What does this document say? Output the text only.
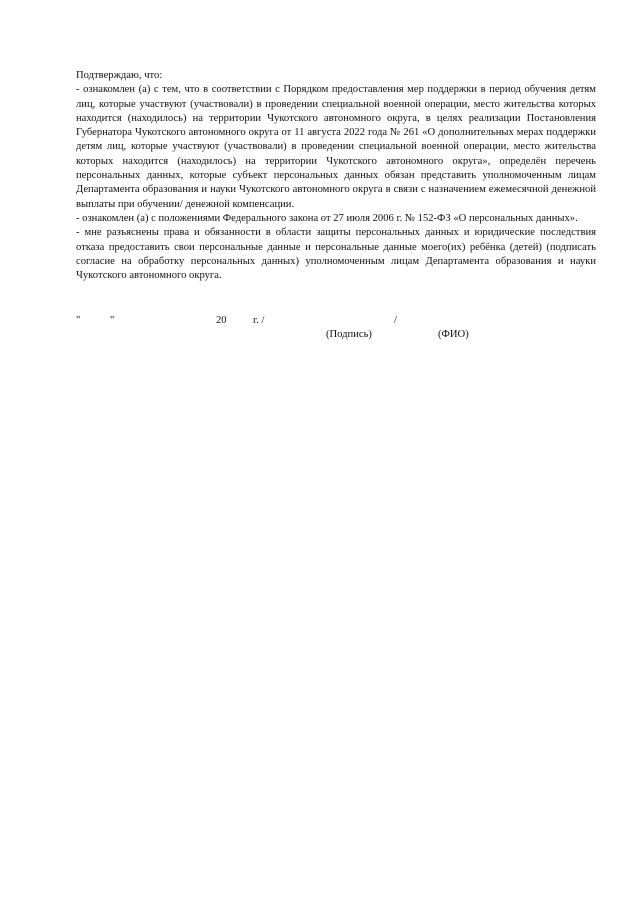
Подтверждаю, что:

- ознакомлен (а) с тем, что в соответствии с Порядком предоставления мер поддержки в период обучения детям лиц, которые участвуют (участвовали) в проведении специальной военной операции, место жительства которых находится (находилось) на территории Чукотского автономного округа, в целях реализации Постановления Губернатора Чукотского автономного округа от 11 августа 2022 года № 261 «О дополнительных мерах поддержки детям лиц, которые участвуют (участвовали) в проведении специальной военной операции, место жительства которых находится (находилось) на территории Чукотского автономного округа», определён перечень персональных данных, которые субъект персональных данных обязан представить уполномоченным лицам Департамента образования и науки Чукотского автономного округа в связи с назначением ежемесячной денежной выплаты при обучении/ денежной компенсации.

- ознакомлен (а) с положениями Федерального закона от 27 июля 2006 г. № 152-ФЗ «О персональных данных».

- мне разъяснены права и обязанности в области защиты персональных данных и юридические последствия отказа предоставить свои персональные данные и персональные данные моего(их) ребёнка (детей) (подписать согласие на обработку персональных данных) уполномоченным лицам Департамента образования и науки Чукотского автономного округа.

"	"	20 г. /	/
(Подпись)	(ФИО)
